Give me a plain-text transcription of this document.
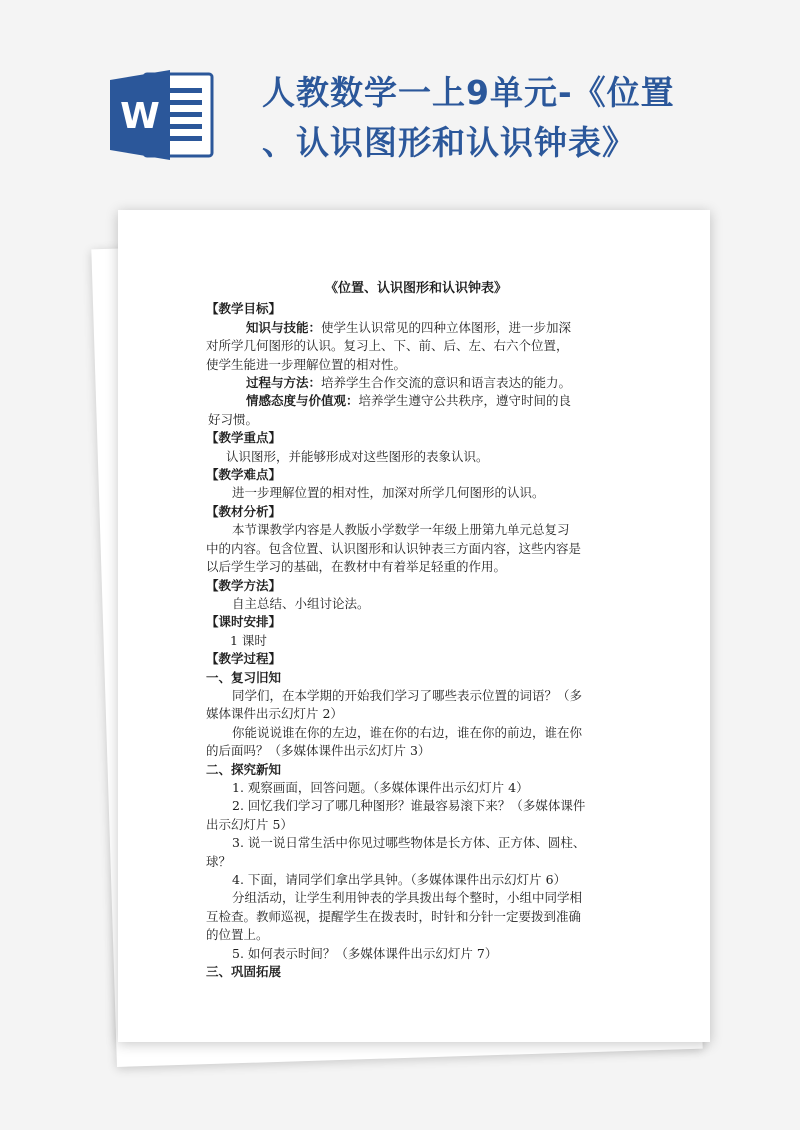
W
人教数学一上9单元-《位置
、认识图形和认识钟表》
《位置、认识图形和认识钟表》
【教学目标】
知识与技能：使学生认识常见的四种立体图形，进一步加深
对所学几何图形的认识。复习上、下、前、后、左、右六个位置，
使学生能进一步理解位置的相对性。
过程与方法：培养学生合作交流的意识和语言表达的能力。
情感态度与价值观：培养学生遵守公共秩序，遵守时间的良
好习惯。
【教学重点】
认识图形，并能够形成对这些图形的表象认识。
【教学难点】
进一步理解位置的相对性，加深对所学几何图形的认识。
【教材分析】
本节课教学内容是人教版小学数学一年级上册第九单元总复习
中的内容。包含位置、认识图形和认识钟表三方面内容，这些内容是
以后学生学习的基础，在教材中有着举足轻重的作用。
【教学方法】
自主总结、小组讨论法。
【课时安排】
1 课时
【教学过程】
一、复习旧知
同学们，在本学期的开始我们学习了哪些表示位置的词语？（多
媒体课件出示幻灯片 2）
你能说说谁在你的左边，谁在你的右边，谁在你的前边，谁在你
的后面吗？（多媒体课件出示幻灯片 3）
二、探究新知
1. 观察画面，回答问题。（多媒体课件出示幻灯片 4）
2. 回忆我们学习了哪几种图形？谁最容易滚下来？（多媒体课件
出示幻灯片 5）
3. 说一说日常生活中你见过哪些物体是长方体、正方体、圆柱、
球？
4. 下面，请同学们拿出学具钟。（多媒体课件出示幻灯片 6）
分组活动，让学生利用钟表的学具拨出每个整时，小组中同学相
互检查。教师巡视，提醒学生在拨表时，时针和分针一定要拨到准确
的位置上。
5. 如何表示时间？（多媒体课件出示幻灯片 7）
三、巩固拓展
